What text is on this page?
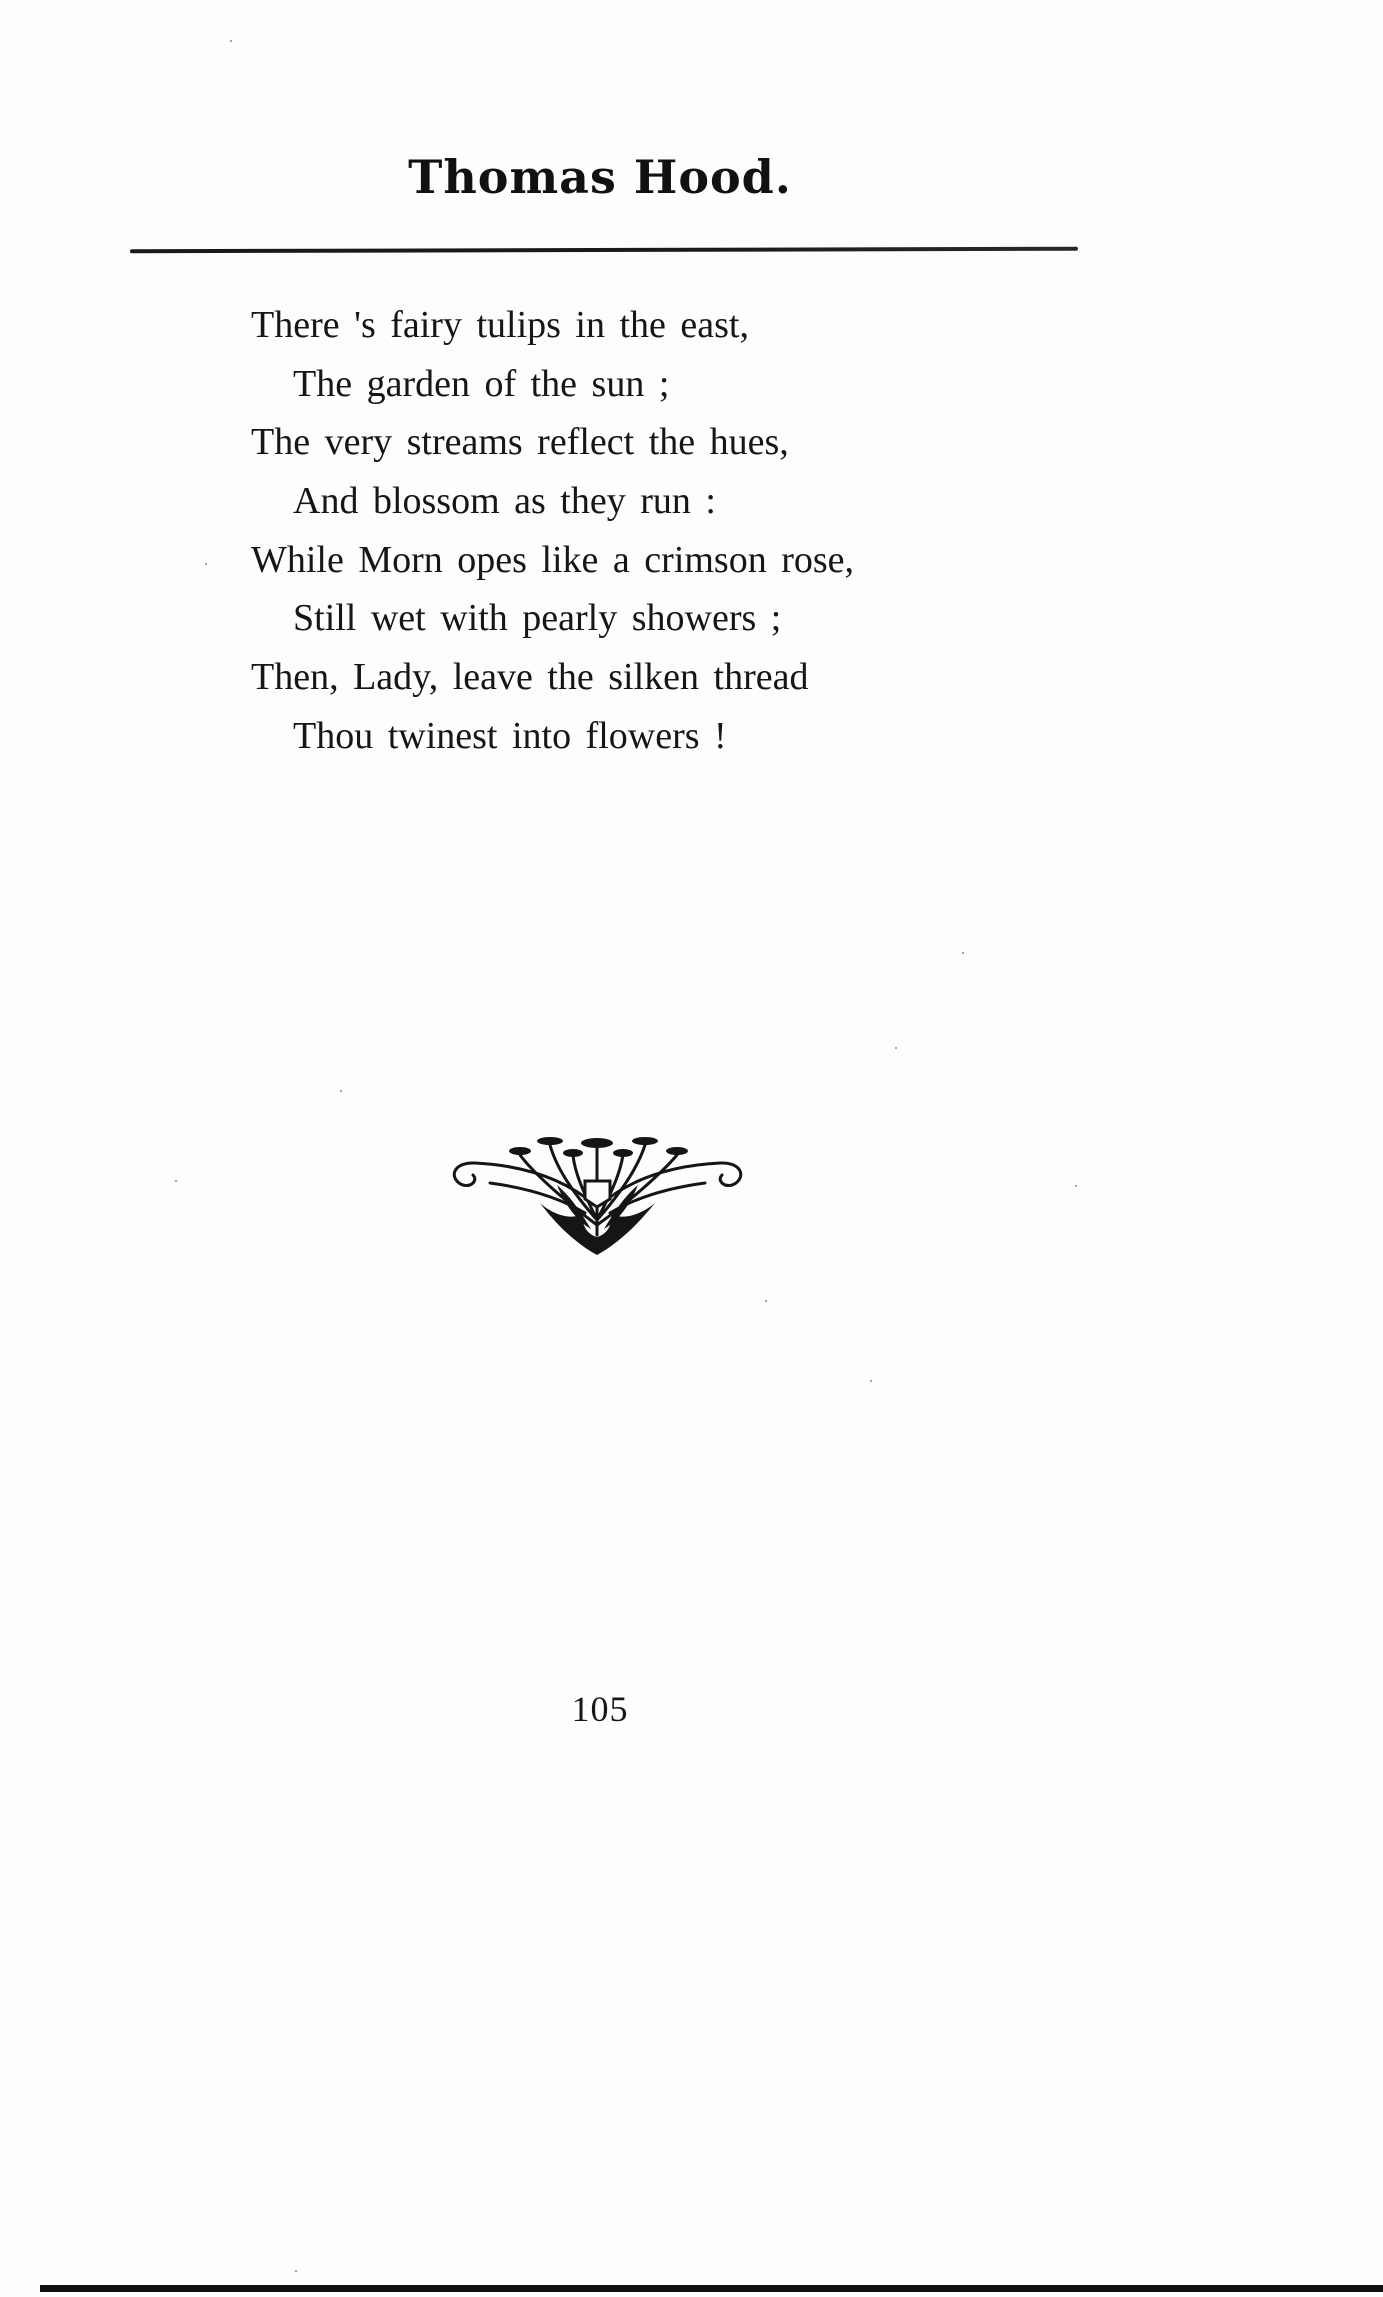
Thomas Hood.
There 's fairy tulips in the east,
The garden of the sun ;
The very streams reflect the hues,
And blossom as they run :
While Morn opes like a crimson rose,
Still wet with pearly showers ;
Then, Lady, leave the silken thread
Thou twinest into flowers !
105
